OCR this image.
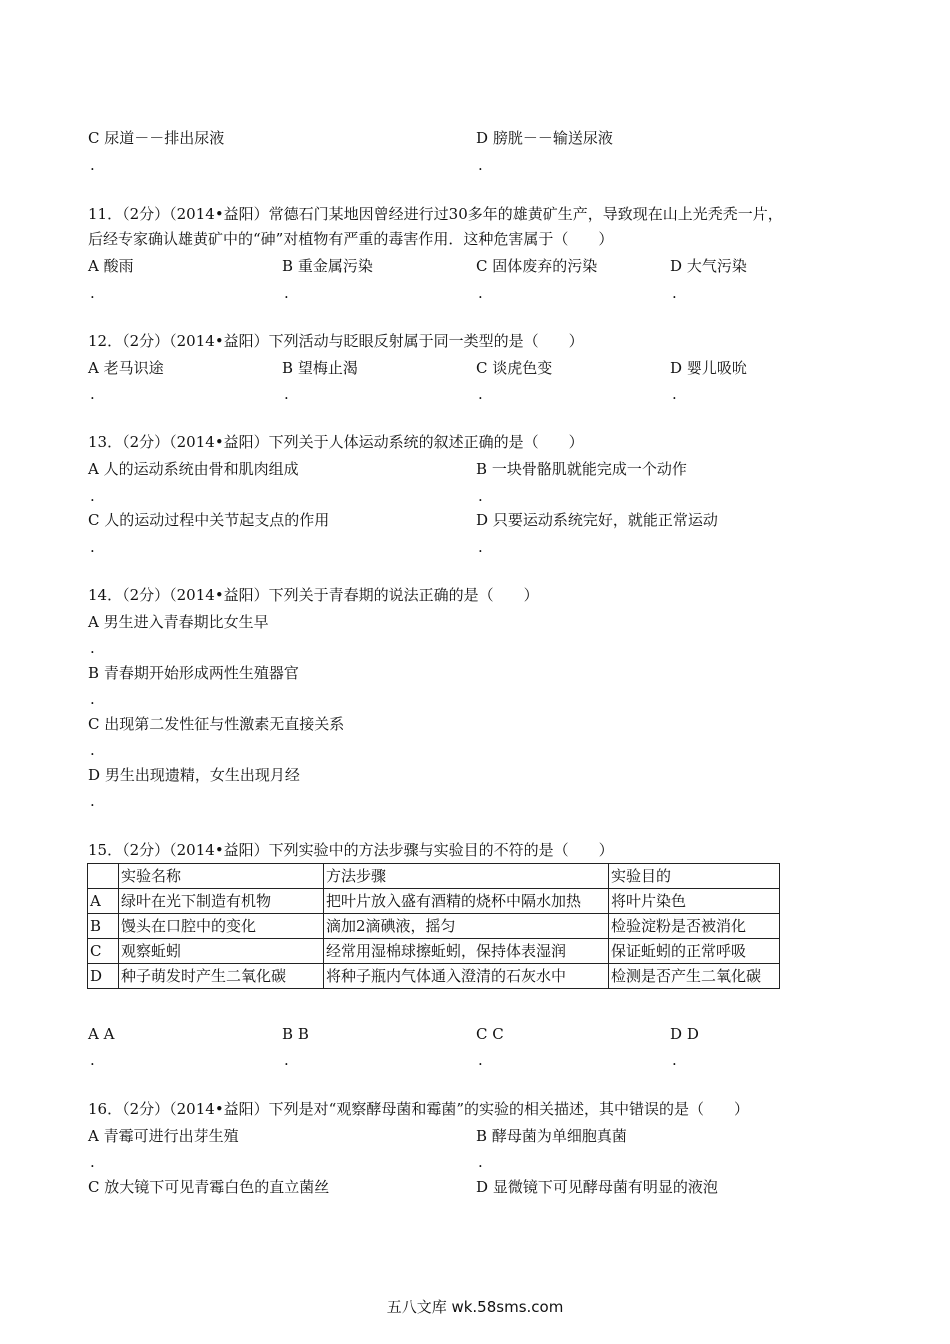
C 尿道－－排出尿液
.
D 膀胱－－输送尿液
.
11．（2分）（2014•益阳）常德石门某地因曾经进行过30多年的雄黄矿生产，导致现在山上光秃秃一片，
后经专家确认雄黄矿中的“砷”对植物有严重的毒害作用．这种危害属于（　　）
A 酸雨	B 重金属污染	C 固体废弃的污染	D 大气污染
.	.	.	.
12．（2分）（2014•益阳）下列活动与眨眼反射属于同一类型的是（　　）
A 老马识途	B 望梅止渴	C 谈虎色变	D 婴儿吸吮
.	.	.	.
13．（2分）（2014•益阳）下列关于人体运动系统的叙述正确的是（　　）
A 人的运动系统由骨和肌肉组成	B 一块骨骼肌就能完成一个动作
.	.
C 人的运动过程中关节起支点的作用	D 只要运动系统完好，就能正常运动
.	.
14．（2分）（2014•益阳）下列关于青春期的说法正确的是（　　）
A 男生进入青春期比女生早
.
B 青春期开始形成两性生殖器官
.
C 出现第二发性征与性激素无直接关系
.
D 男生出现遗精，女生出现月经
.
15．（2分）（2014•益阳）下列实验中的方法步骤与实验目的不符的是（　　）
	实验名称	方法步骤	实验目的
A	绿叶在光下制造有机物	把叶片放入盛有酒精的烧杯中隔水加热	将叶片染色
B	馒头在口腔中的变化	滴加2滴碘液，摇匀	检验淀粉是否被消化
C	观察蚯蚓	经常用湿棉球擦蚯蚓，保持体表湿润	保证蚯蚓的正常呼吸
D	种子萌发时产生二氧化碳	将种子瓶内气体通入澄清的石灰水中	检测是否产生二氧化碳
A A	B B	C C	D D
.	.	.	.
16．（2分）（2014•益阳）下列是对“观察酵母菌和霉菌”的实验的相关描述，其中错误的是（　　）
A 青霉可进行出芽生殖	B 酵母菌为单细胞真菌
.	.
C 放大镜下可见青霉白色的直立菌丝	D 显微镜下可见酵母菌有明显的液泡
五八文库 wk.58sms.com
